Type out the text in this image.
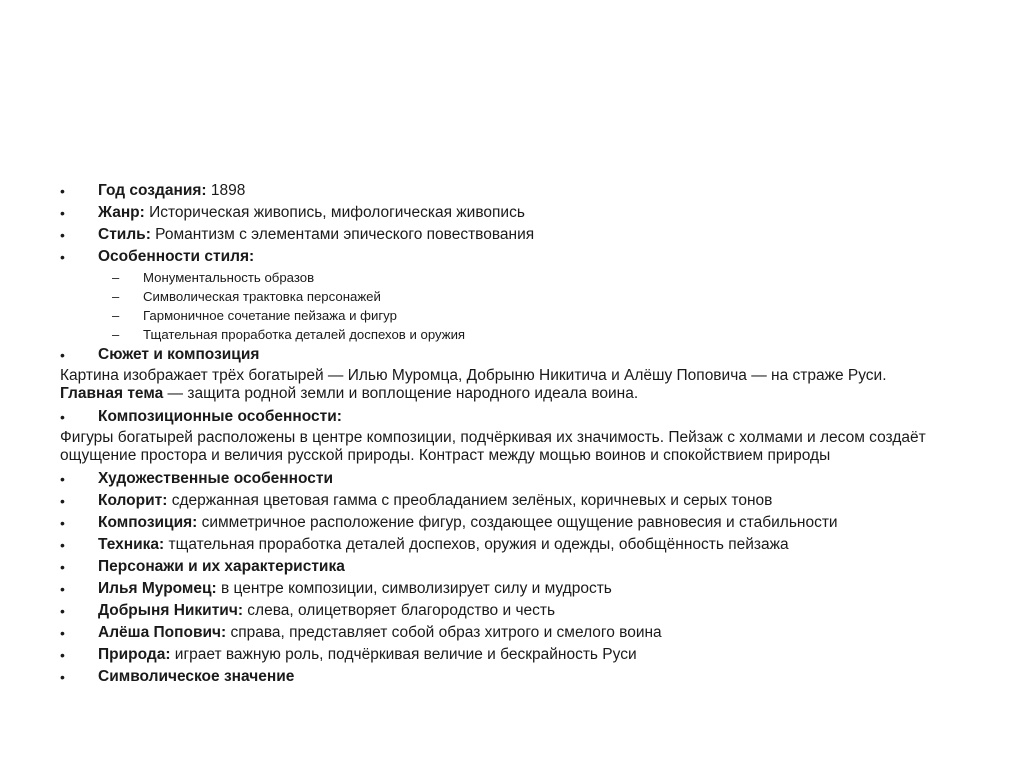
•	Год создания: 1898
•	Жанр: Историческая живопись, мифологическая живопись
•	Стиль: Романтизм с элементами эпического повествования
•	Особенности стиля:
–	Монументальность образов
–	Символическая трактовка персонажей
–	Гармоничное сочетание пейзажа и фигур
–	Тщательная проработка деталей доспехов и оружия
•	Сюжет и композиция
Картина изображает трёх богатырей — Илью Муромца, Добрыню Никитича и Алёшу Поповича — на страже Руси. Главная тема — защита родной земли и воплощение народного идеала воина.
•	Композиционные особенности:
Фигуры богатырей расположены в центре композиции, подчёркивая их значимость. Пейзаж с холмами и лесом создаёт ощущение простора и величия русской природы. Контраст между мощью воинов и спокойствием природы
•	Художественные особенности
•	Колорит: сдержанная цветовая гамма с преобладанием зелёных, коричневых и серых тонов
•	Композиция: симметричное расположение фигур, создающее ощущение равновесия и стабильности
•	Техника: тщательная проработка деталей доспехов, оружия и одежды, обобщённость пейзажа
•	Персонажи и их характеристика
•	Илья Муромец: в центре композиции, символизирует силу и мудрость
•	Добрыня Никитич: слева, олицетворяет благородство и честь
•	Алёша Попович: справа, представляет собой образ хитрого и смелого воина
•	Природа: играет важную роль, подчёркивая величие и бескрайность Руси
•	Символическое значение
